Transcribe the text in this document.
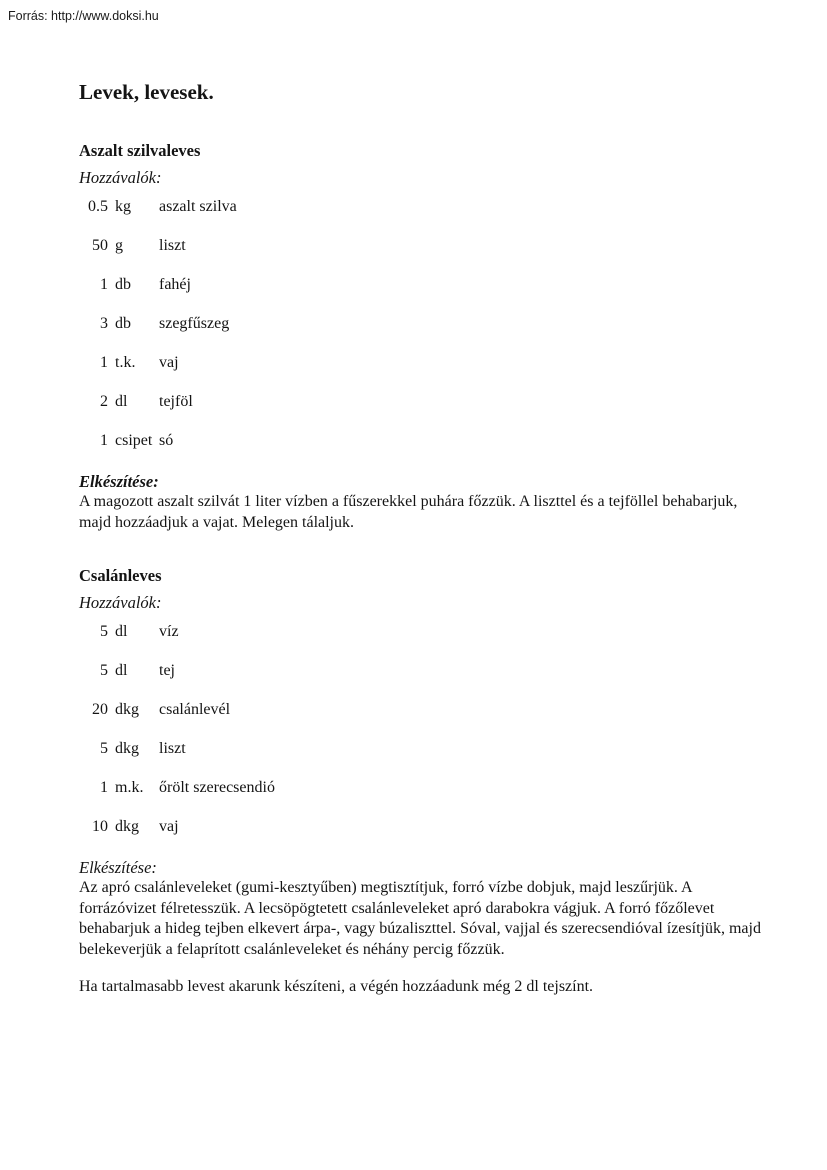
Forrás: http://www.doksi.hu
Levek, levesek.
Aszalt szilvaleves
Hozzávalók:
0.5 kg	aszalt szilva
50 g	liszt
1 db	fahéj
3 db	szegfűszeg
1 t.k.	vaj
2 dl	tejföl
1 csipet só
Elkészítése:

A magozott aszalt szilvát 1 liter vízben a fűszerekkel puhára főzzük. A liszttel és a tejföllel behabarjuk, majd hozzáadjuk a vajat. Melegen tálaljuk.

Csalánleves
Hozzávalók:
5 dl	víz
5 dl	tej
20 dkg	csalánlevél
5 dkg	liszt
1 m.k. őrölt szerecsendió
10 dkg	vaj
Elkészítése:

Az apró csalánleveleket (gumi-kesztyűben) megtisztítjuk, forró vízbe dobjuk, majd leszűrjük. A forrázóvizet félretesszük. A lecsöpögtetett csalánleveleket apró darabokra vágjuk. A forró főzőlevet behabarjuk a hideg tejben elkevert árpa-, vagy búzaliszttel. Sóval, vajjal és szerecsendióval ízesítjük, majd belekeverjük a felaprított csalánleveleket és néhány percig főzzük.

Ha tartalmasabb levest akarunk készíteni, a végén hozzáadunk még 2 dl tejszínt.
